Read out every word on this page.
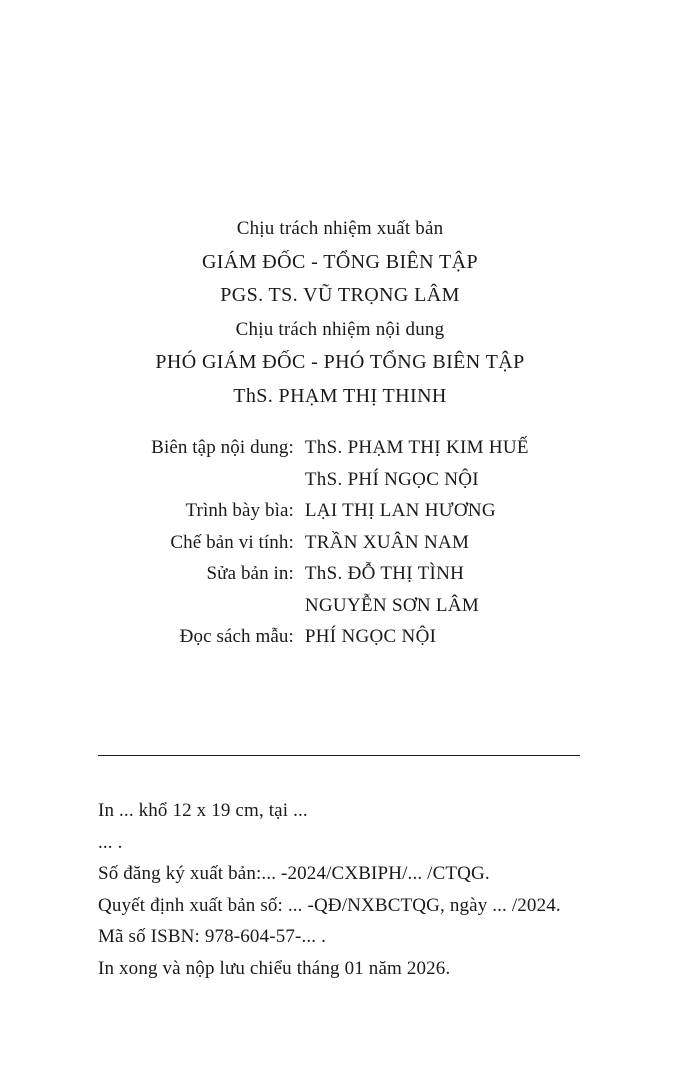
Chịu trách nhiệm xuất bản
GIÁM ĐỐC - TỔNG BIÊN TẬP
PGS. TS. VŨ TRỌNG LÂM
Chịu trách nhiệm nội dung
PHÓ GIÁM ĐỐC - PHÓ TỔNG BIÊN TẬP
ThS. PHẠM THỊ THINH
Biên tập nội dung:	ThS. PHẠM THỊ KIM HUẾ
	ThS. PHÍ NGỌC NỘI
Trình bày bìa:	LẠI THỊ LAN HƯƠNG
Chế bản vi tính:	TRẦN XUÂN NAM
Sửa bản in:	ThS. ĐỖ THỊ TÌNH
	NGUYỄN SƠN LÂM
Đọc sách mẫu:	PHÍ NGỌC NỘI
In ... khổ 12 x 19 cm, tại ...
... .
Số đăng ký xuất bản:... -2024/CXBIPH/... /CTQG.
Quyết định xuất bản số: ... -QĐ/NXBCTQG, ngày ... /2024.
Mã số ISBN: 978-604-57-... .
In xong và nộp lưu chiểu tháng 01 năm 2026.
